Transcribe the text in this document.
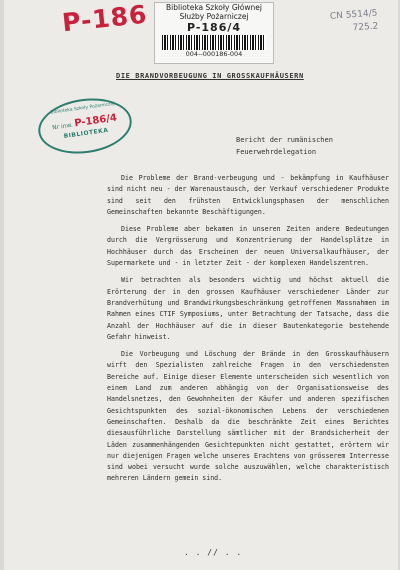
P-186	Biblioteka Szkoły Głównej
Służby Pożarniczej
P-186/4
004--000186-004
CN 5514/5
725.2
DIE BRANDVORBEUGUNG IN GROSSKAUFHÄUSERN
Biblioteka Szkoły Pożarniczej
Nr inw. P-186/4
BIBLIOTEKA	Bericht der rumänischen
Feuerwehrdelegation

Die Probleme der Brand-verbeugung und - bekämpfung in Kaufhäuser sind nicht neu - der Warenaustausch, der Verkauf verschiedener Produkte sind seit den frühsten Entwicklungsphasen der menschlichen Gemeinschaften bekannte Beschäftigungen.

Diese Probleme aber bekamen in unseren Zeiten andere Bedeutungen durch die Vergrösserung und Konzentrierung der Handelsplätze in Hochhäuser durch das Erscheinen der neuen Universalkaufhäuser, der Supermarkete und - in letzter Zeit - der komplexen Handelszentren.

Wir betrachten als besonders wichtig und höchst aktuell die Erörterung der in den grossen Kaufhäuser verschiedener Länder zur Brandverhütung und Brandwirkungsbeschränkung getroffenen Massnahmen im Rahmen eines CTIF Symposiums, unter Betrachtung der Tatsache, dass die Anzahl der Hochhäuser auf die in dieser Bautenkategorie bestehende Gefahr hinweist.

Die Vorbeugung und Löschung der Brände in den Grosskaufhäusern wirft den Spezialisten zahlreiche Fragen in den verschiedensten Bereiche auf. Einige dieser Elemente unterscheiden sich wesentlich von einem Land zum anderen abhängig von der Organisationsweise des Handelsnetzes, den Gewohnheiten der Käufer und anderen spezifischen Gesichtspunkten des sozial-ökonomischen Lebens der verschiedenen Gemeinschaften. Deshalb da die beschränkte Zeit eines Berichtes diesausführliche Darstellung sämtlicher mit der Brandsicherheit der Läden zusammenhängenden Gesichtepunkten nicht gestattet, erörtern wir nur diejenigen Fragen welche unseres Erachtens von grösserem Interresse sind wobei versucht wurde solche auszuwählen, welche charakteristisch mehreren Ländern gemein sind.

. . // . .
